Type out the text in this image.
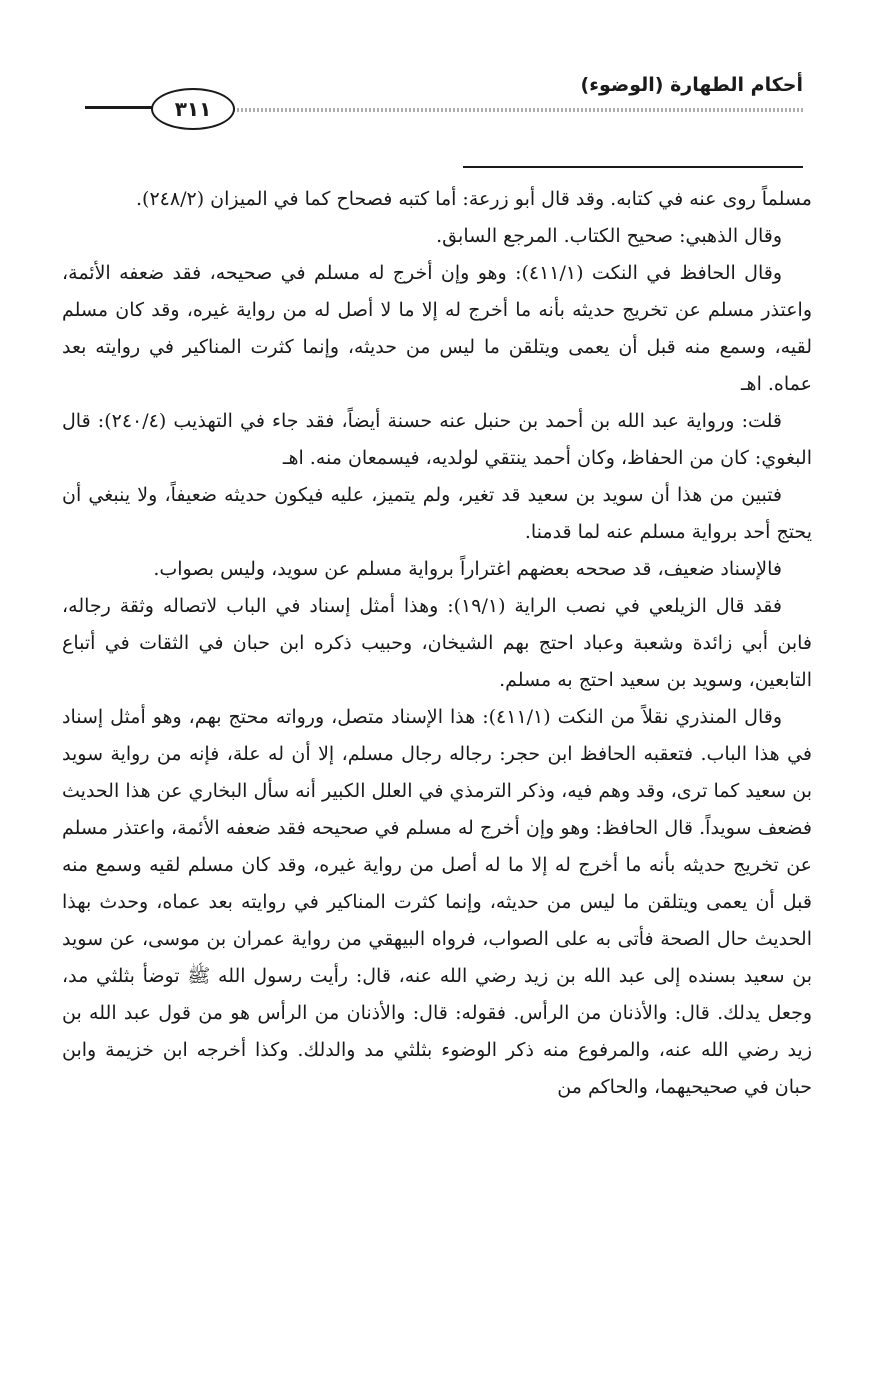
٣١١
أحكام الطهارة (الوضوء)

مسلماً روى عنه في كتابه. وقد قال أبو زرعة: أما كتبه فصحاح كما في الميزان (٢٤٨/٢).

وقال الذهبي: صحيح الكتاب. المرجع السابق.

وقال الحافظ في النكت (٤١١/١): وهو وإن أخرج له مسلم في صحيحه، فقد ضعفه الأئمة، واعتذر مسلم عن تخريج حديثه بأنه ما أخرج له إلا ما لا أصل له من رواية غيره، وقد كان مسلم لقيه، وسمع منه قبل أن يعمى ويتلقن ما ليس من حديثه، وإنما كثرت المناكير في روايته بعد عماه. اهـ

قلت: ورواية عبد الله بن أحمد بن حنبل عنه حسنة أيضاً، فقد جاء في التهذيب (٢٤٠/٤): قال البغوي: كان من الحفاظ، وكان أحمد ينتقي لولديه، فيسمعان منه. اهـ

فتبين من هذا أن سويد بن سعيد قد تغير، ولم يتميز، عليه فيكون حديثه ضعيفاً، ولا ينبغي أن يحتج أحد برواية مسلم عنه لما قدمنا.

فالإسناد ضعيف، قد صححه بعضهم اغتراراً برواية مسلم عن سويد، وليس بصواب.

فقد قال الزيلعي في نصب الراية (١٩/١): وهذا أمثل إسناد في الباب لاتصاله وثقة رجاله، فابن أبي زائدة وشعبة وعباد احتج بهم الشيخان، وحبيب ذكره ابن حبان في الثقات في أتباع التابعين، وسويد بن سعيد احتج به مسلم.

وقال المنذري نقلاً من النكت (٤١١/١): هذا الإسناد متصل، ورواته محتج بهم، وهو أمثل إسناد في هذا الباب. فتعقبه الحافظ ابن حجر: رجاله رجال مسلم، إلا أن له علة، فإنه من رواية سويد بن سعيد كما ترى، وقد وهم فيه، وذكر الترمذي في العلل الكبير أنه سأل البخاري عن هذا الحديث فضعف سويداً. قال الحافظ: وهو وإن أخرج له مسلم في صحيحه فقد ضعفه الأئمة، واعتذر مسلم عن تخريج حديثه بأنه ما أخرج له إلا ما له أصل من رواية غيره، وقد كان مسلم لقيه وسمع منه قبل أن يعمى ويتلقن ما ليس من حديثه، وإنما كثرت المناكير في روايته بعد عماه، وحدث بهذا الحديث حال الصحة فأتى به على الصواب، فرواه البيهقي من رواية عمران بن موسى، عن سويد بن سعيد بسنده إلى عبد الله بن زيد رضي الله عنه، قال: رأيت رسول الله ﷺ توضأ بثلثي مد، وجعل يدلك. قال: والأذنان من الرأس. فقوله: قال: والأذنان من الرأس هو من قول عبد الله بن زيد رضي الله عنه، والمرفوع منه ذكر الوضوء بثلثي مد والدلك. وكذا أخرجه ابن خزيمة وابن حبان في صحيحيهما، والحاكم من
